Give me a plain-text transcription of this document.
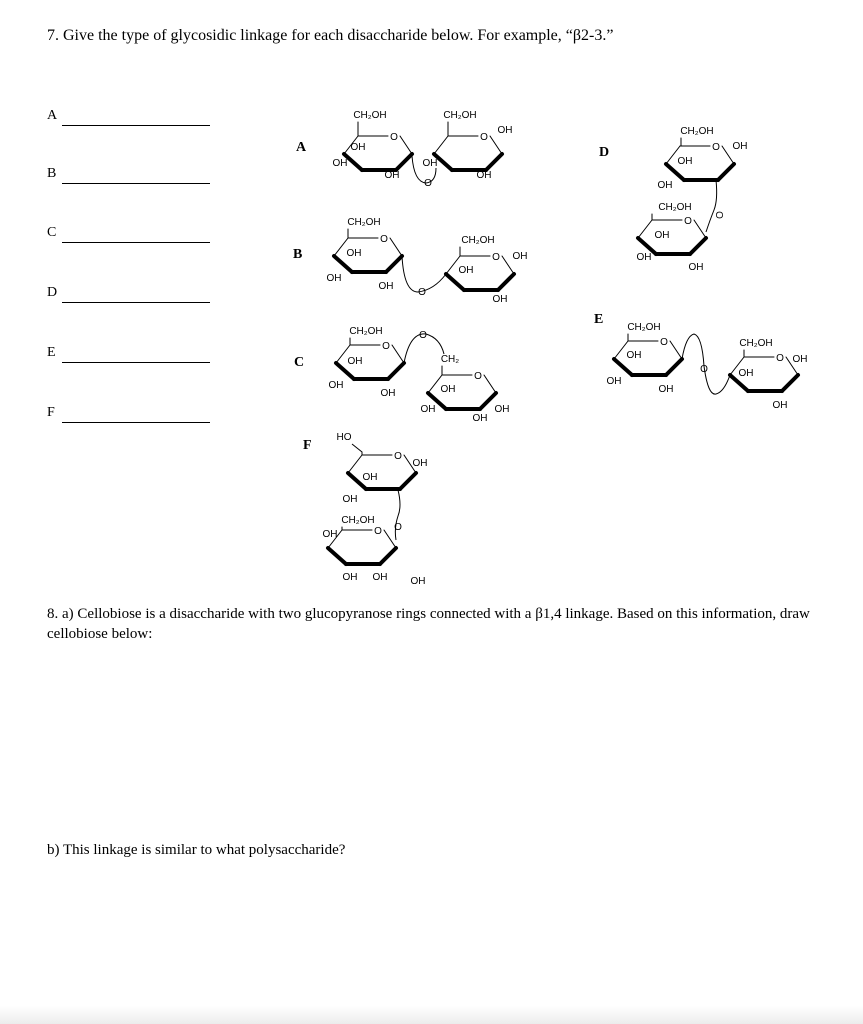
7. Give the type of glycosidic linkage for each disaccharide below. For example, “β2-3.”
A
B
C
D
E
F
A
B
C
D
E
F
O	O
CH₂OH	CH₂OH
OH
OH
OH
OH
OH
OH
O
O
O
CH₂OH
CH₂OH
OH
OH
OH
OH
OH
OH
O
O
O
CH₂OH
OH
OH
OH
CH₂
OH
OH
OH
OH
O
O
O
CH₂OH
OH
OH
OH
CH₂OH
OH
OH
OH
O
O
O
CH₂OH
OH
OH
OH
CH₂OH
OH
OH
OH
O
O
O
HO
OH
OH
OH
CH₂OH
OH
OH OH OH
O
8. a) Cellobiose is a disaccharide with two glucopyranose rings connected with a β1,4 linkage. Based on this information, draw cellobiose below:
b) This linkage is similar to what polysaccharide?
